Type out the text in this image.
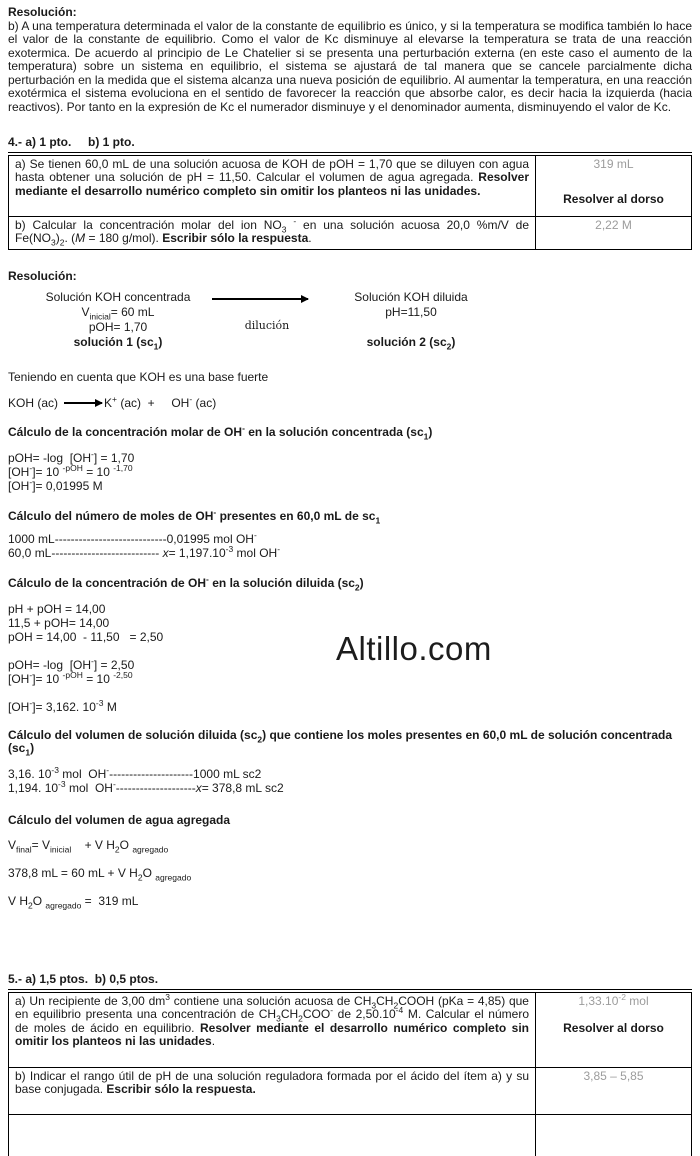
Resolución:

b) A una temperatura determinada el valor de la constante de equilibrio es único, y si la temperatura se modifica también lo hace el valor de la constante de equilibrio. Como el valor de Kc disminuye al elevarse la temperatura se trata de una reacción exotermica. De acuerdo al principio de Le Chatelier si se presenta una perturbación externa (en este caso el aumento de la temperatura) sobre un sistema en equilibrio, el sistema se ajustará de tal manera que se cancele parcialmente dicha perturbación en la medida que el sistema alcanza una nueva posición de equilibrio. Al aumentar la temperatura, en una reacción exotérmica el sistema evoluciona en el sentido de favorecer la reacción que absorbe calor, es decir hacia la izquierda (hacia reactivos). Por tanto en la expresión de Kc el numerador disminuye y el denominador aumenta, disminuyendo el valor de Kc.

4.- a) 1 pto.     b) 1 pto.
a) Se tienen 60,0 mL de una solución acuosa de KOH de pOH = 1,70 que se diluyen con agua hasta obtener una solución de pH = 11,50. Calcular el volumen de agua agregada. Resolver mediante el desarrollo numérico completo sin omitir los planteos ni las unidades.	319 mL
Resolver al dorso

b) Calcular la concentración molar del ion $NO_3$ - en una solución acuosa 20,0 %m/V de $Fe(NO_3)_2$. (M = 180 g/mol). Escribir sólo la respuesta.	2,22 M
Resolución:
Solución KOH concentrada
$V_{inicial}= 60$ mL
pOH= 1,70
solución 1 $(sc_1)$
dilución
Solución KOH diluida
pH=11,50

solución 2 $(sc_2)$
Teniendo en cuenta que KOH es una base fuerte
KOH (ac) →
K+ (ac)  +     OH- (ac)
Cálculo de la concentración molar de OH- en la solución concentrada $(sc_1)$
pOH= -log  [OH-] = 1,70
[OH-]= 10 $^{-pOH}$ = 10 $^{-1,70}$
[OH-]= 0,01995 M
Cálculo del número de moles de OH- presentes en 60,0 mL de $sc_1$
1000 mL----------------------------0,01995 mol OH-
60,0 mL--------------------------- $x= 1,197.10^{-3}$ mol OH-
Cálculo de la concentración de OH- en la solución diluida $(sc_2)$
pH + pOH = 14,00
11,5 + pOH= 14,00
pOH = 14,00  - 11,50   = 2,50

pOH= -log  [OH-] = 2,50
[OH-]= 10 $^{-pOH}$ = 10 $^{-2,50}$

[OH-]= 3,162. $10^{-3}$ M
Cálculo del volumen de solución diluida $(sc_2)$ que contiene los moles presentes en 60,0 mL de solución concentrada $(sc_1)$
3,16. $10^{-3}$ mol  OH----------------------1000 mL sc2
1,194. $10^{-3}$ mol  OH---------------------x= 378,8 mL sc2
Cálculo del volumen de agua agregada
$V_{final}= V_{inicial}$    + V $H_2O$ $_{agregado}$

378,8 mL = 60 mL + V $H_2O$ $_{agregado}$

V $H_2O$ $_{agregado}$ =  319 mL
5.- a) 1,5 ptos.  b) 0,5 ptos.
a) Un recipiente de 3,00 $dm^3$ contiene una solución acuosa de $CH_3CH_2COOH$ (pKa = 4,85) que en equilibrio presenta una concentración de $CH_3CH_2COO^-$ de $2,50.10^{-4}$ M. Calcular el número de moles de ácido en equilibrio. Resolver mediante el desarrollo numérico completo sin omitir los planteos ni las unidades.	$1,33.10^{-2}$ mol
Resolver al dorso

b) Indicar el rango útil de pH de una solución reguladora formada por el ácido del ítem a) y su base conjugada. Escribir sólo la respuesta.	3,85 – 5,85

Altillo.com
